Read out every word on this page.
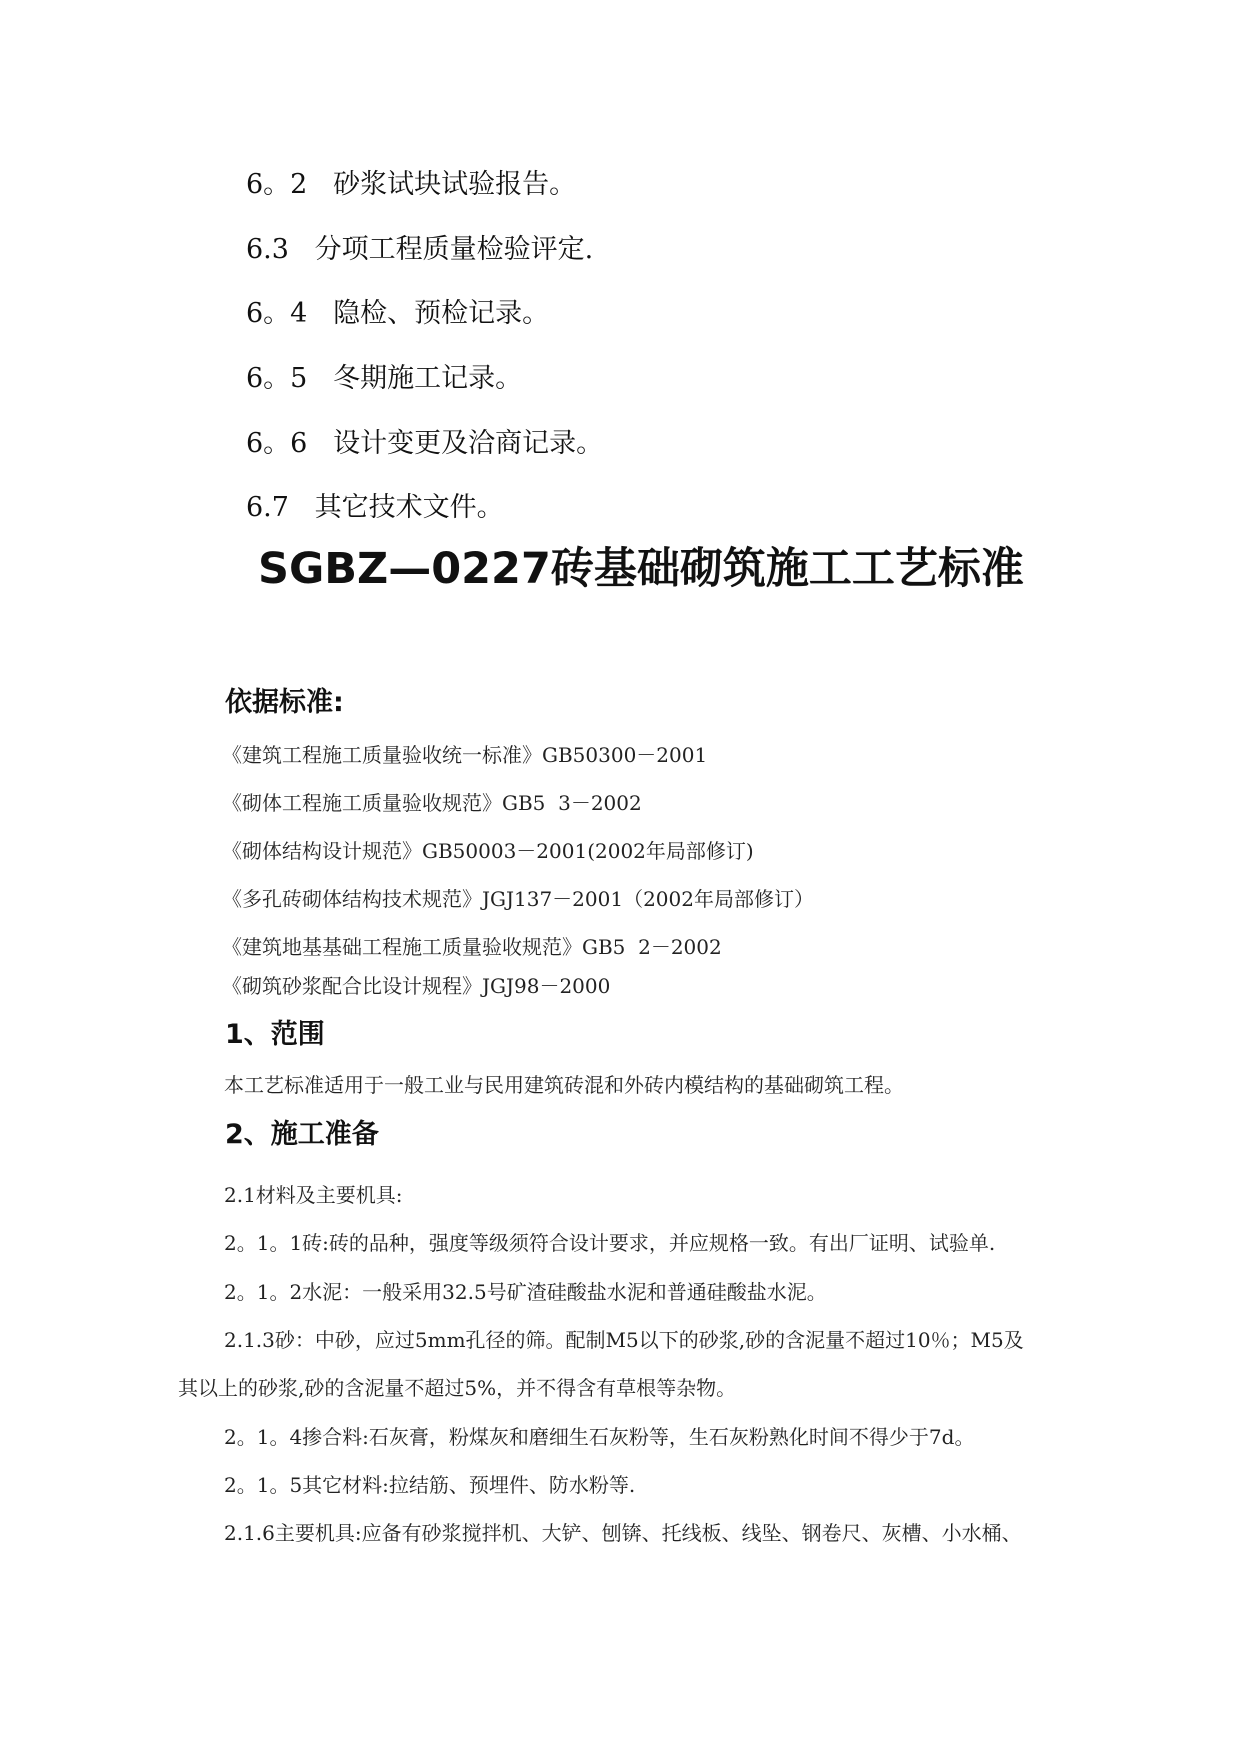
6。2   砂浆试块试验报告。
6.3   分项工程质量检验评定.
6。4   隐检、预检记录。
6。5   冬期施工记录。
6。6   设计变更及洽商记录。
6.7   其它技术文件。
SGBZ—0227砖基础砌筑施工工艺标准
依据标准:
《建筑工程施工质量验收统一标准》GB50300－2001
《砌体工程施工质量验收规范》GB5  3－2002
《砌体结构设计规范》GB50003－2001(2002年局部修订)
《多孔砖砌体结构技术规范》JGJ137－2001（2002年局部修订）
《建筑地基基础工程施工质量验收规范》GB5  2－2002
《砌筑砂浆配合比设计规程》JGJ98－2000
1、范围
本工艺标准适用于一般工业与民用建筑砖混和外砖内模结构的基础砌筑工程。
2、施工准备
2.1材料及主要机具:
2。1。1砖:砖的品种，强度等级须符合设计要求，并应规格一致。有出厂证明、试验单.
2。1。2水泥：一般采用32.5号矿渣硅酸盐水泥和普通硅酸盐水泥。
2.1.3砂：中砂，应过5mm孔径的筛。配制M5以下的砂浆,砂的含泥量不超过10％；M5及
其以上的砂浆,砂的含泥量不超过5%，并不得含有草根等杂物。
2。1。4掺合料:石灰膏，粉煤灰和磨细生石灰粉等，生石灰粉熟化时间不得少于7d。
2。1。5其它材料:拉结筋、预埋件、防水粉等.
2.1.6主要机具:应备有砂浆搅拌机、大铲、刨锛、托线板、线坠、钢卷尺、灰槽、小水桶、
